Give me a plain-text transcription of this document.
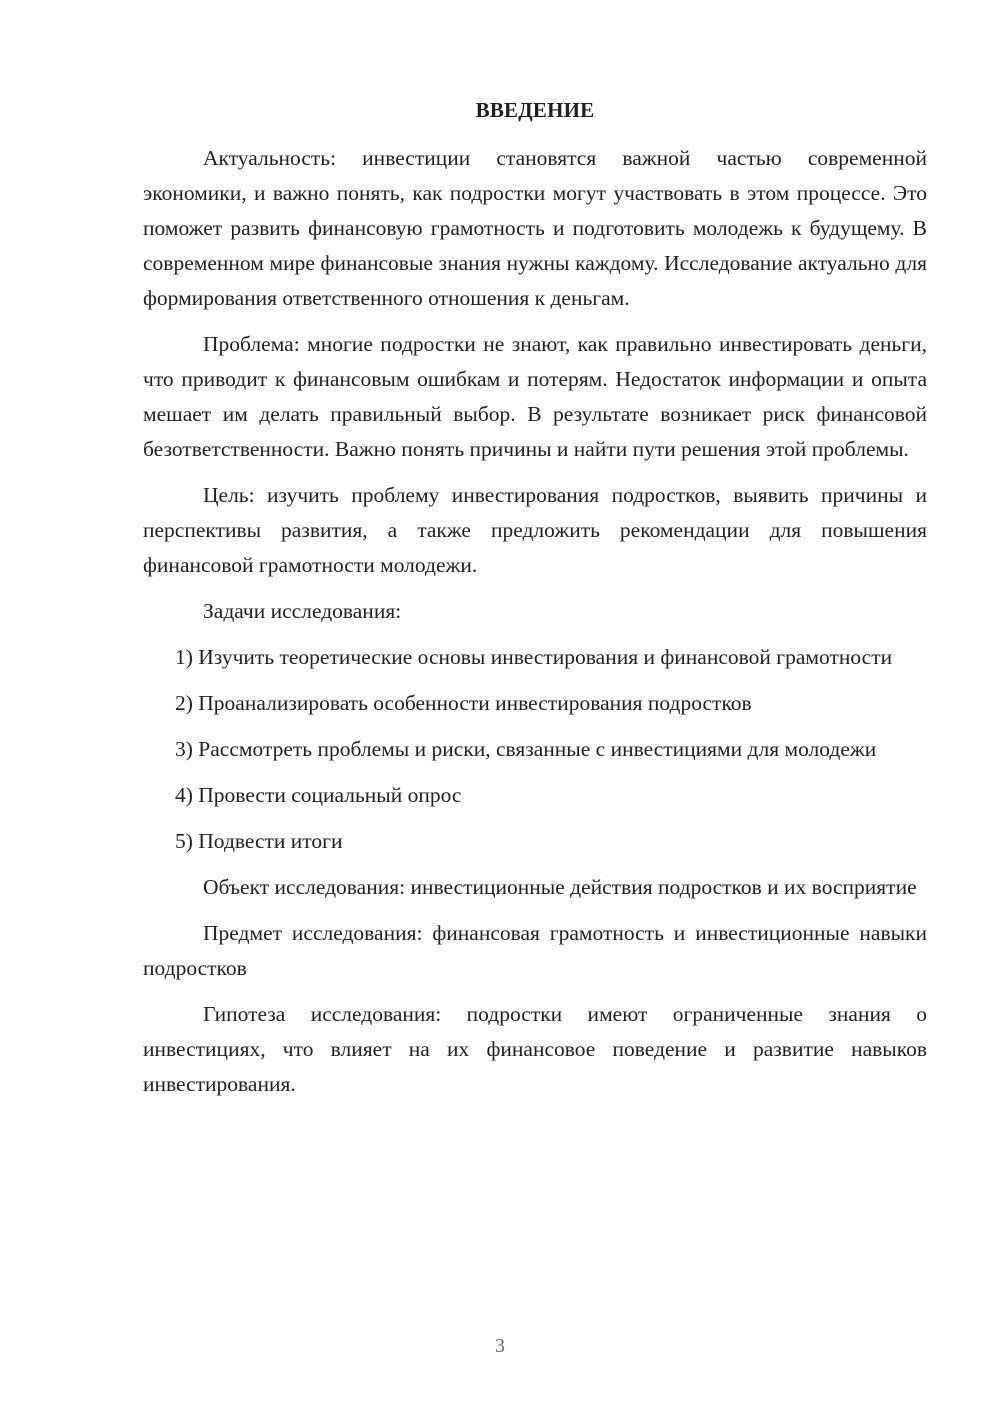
ВВЕДЕНИЕ

Актуальность: инвестиции становятся важной частью современной экономики, и важно понять, как подростки могут участвовать в этом процессе. Это поможет развить финансовую грамотность и подготовить молодежь к будущему. В современном мире финансовые знания нужны каждому. Исследование актуально для формирования ответственного отношения к деньгам.

Проблема: многие подростки не знают, как правильно инвестировать деньги, что приводит к финансовым ошибкам и потерям. Недостаток информации и опыта мешает им делать правильный выбор. В результате возникает риск финансовой безответственности. Важно понять причины и найти пути решения этой проблемы.

Цель: изучить проблему инвестирования подростков, выявить причины и перспективы развития, а также предложить рекомендации для повышения финансовой грамотности молодежи.

Задачи исследования:

1) Изучить теоретические основы инвестирования и финансовой грамотности

2) Проанализировать особенности инвестирования подростков

3) Рассмотреть проблемы и риски, связанные с инвестициями для молодежи

4) Провести социальный опрос

5) Подвести итоги

Объект исследования: инвестиционные действия подростков и их восприятие

Предмет исследования: финансовая грамотность и инвестиционные навыки подростков

Гипотеза исследования: подростки имеют ограниченные знания о инвестициях, что влияет на их финансовое поведение и развитие навыков инвестирования.

3
